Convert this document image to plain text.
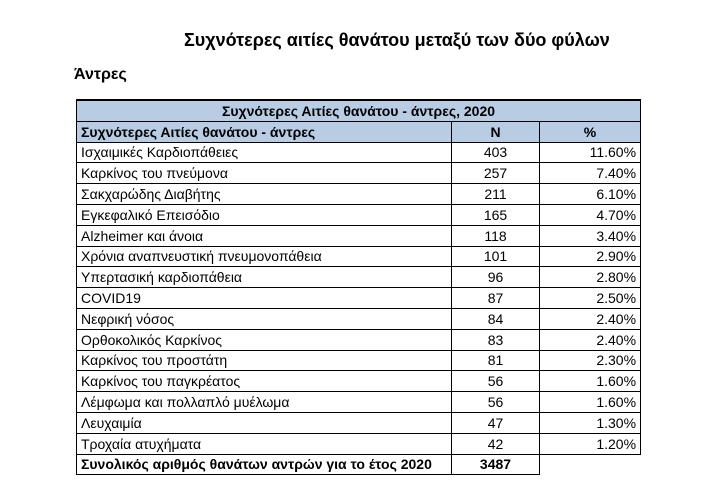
Συχνότερες αιτίες θανάτου μεταξύ των δύο φύλων
Άντρες
Συχνότερες Αιτίες θανάτου - άντρες, 2020		
Συχνότερες Αιτίες θανάτου - άντρες	Ν	%
Ισχαιμικές Καρδιοπάθειες	403	11.60%
Καρκίνος του πνεύμονα	257	7.40%
Σακχαρώδης Διαβήτης	211	6.10%
Εγκεφαλικό Επεισόδιο	165	4.70%
Alzheimer και άνοια	118	3.40%
Χρόνια αναπνευστική πνευμονοπάθεια	101	2.90%
Υπερτασική καρδιοπάθεια	96	2.80%
COVID19	87	2.50%
Νεφρική νόσος	84	2.40%
Ορθοκολικός Καρκίνος	83	2.40%
Καρκίνος του προστάτη	81	2.30%
Καρκίνος του παγκρέατος	56	1.60%
Λέμφωμα και πολλαπλό μυέλωμα	56	1.60%
Λευχαιμία	47	1.30%
Τροχαία ατυχήματα	42	1.20%
Συνολικός αριθμός θανάτων αντρών για το έτος 2020	3487	
